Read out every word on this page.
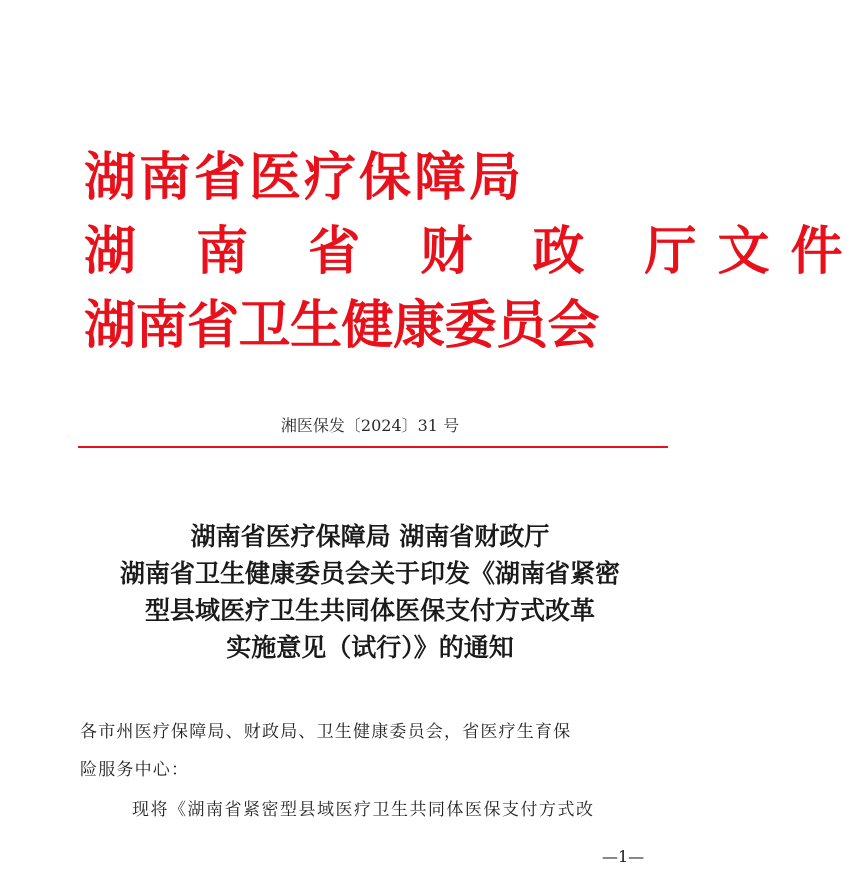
湖南省医疗保障局
湖 南 省 财 政 厅文件
湖南省卫生健康委员会
湘医保发〔2024〕31 号
湖南省医疗保障局 湖南省财政厅
湖南省卫生健康委员会关于印发《湖南省紧密
型县域医疗卫生共同体医保支付方式改革
实施意见（试行）》的通知
各市州医疗保障局、财政局、卫生健康委员会，省医疗生育保
险服务中心：
现将《湖南省紧密型县域医疗卫生共同体医保支付方式改
—1—
